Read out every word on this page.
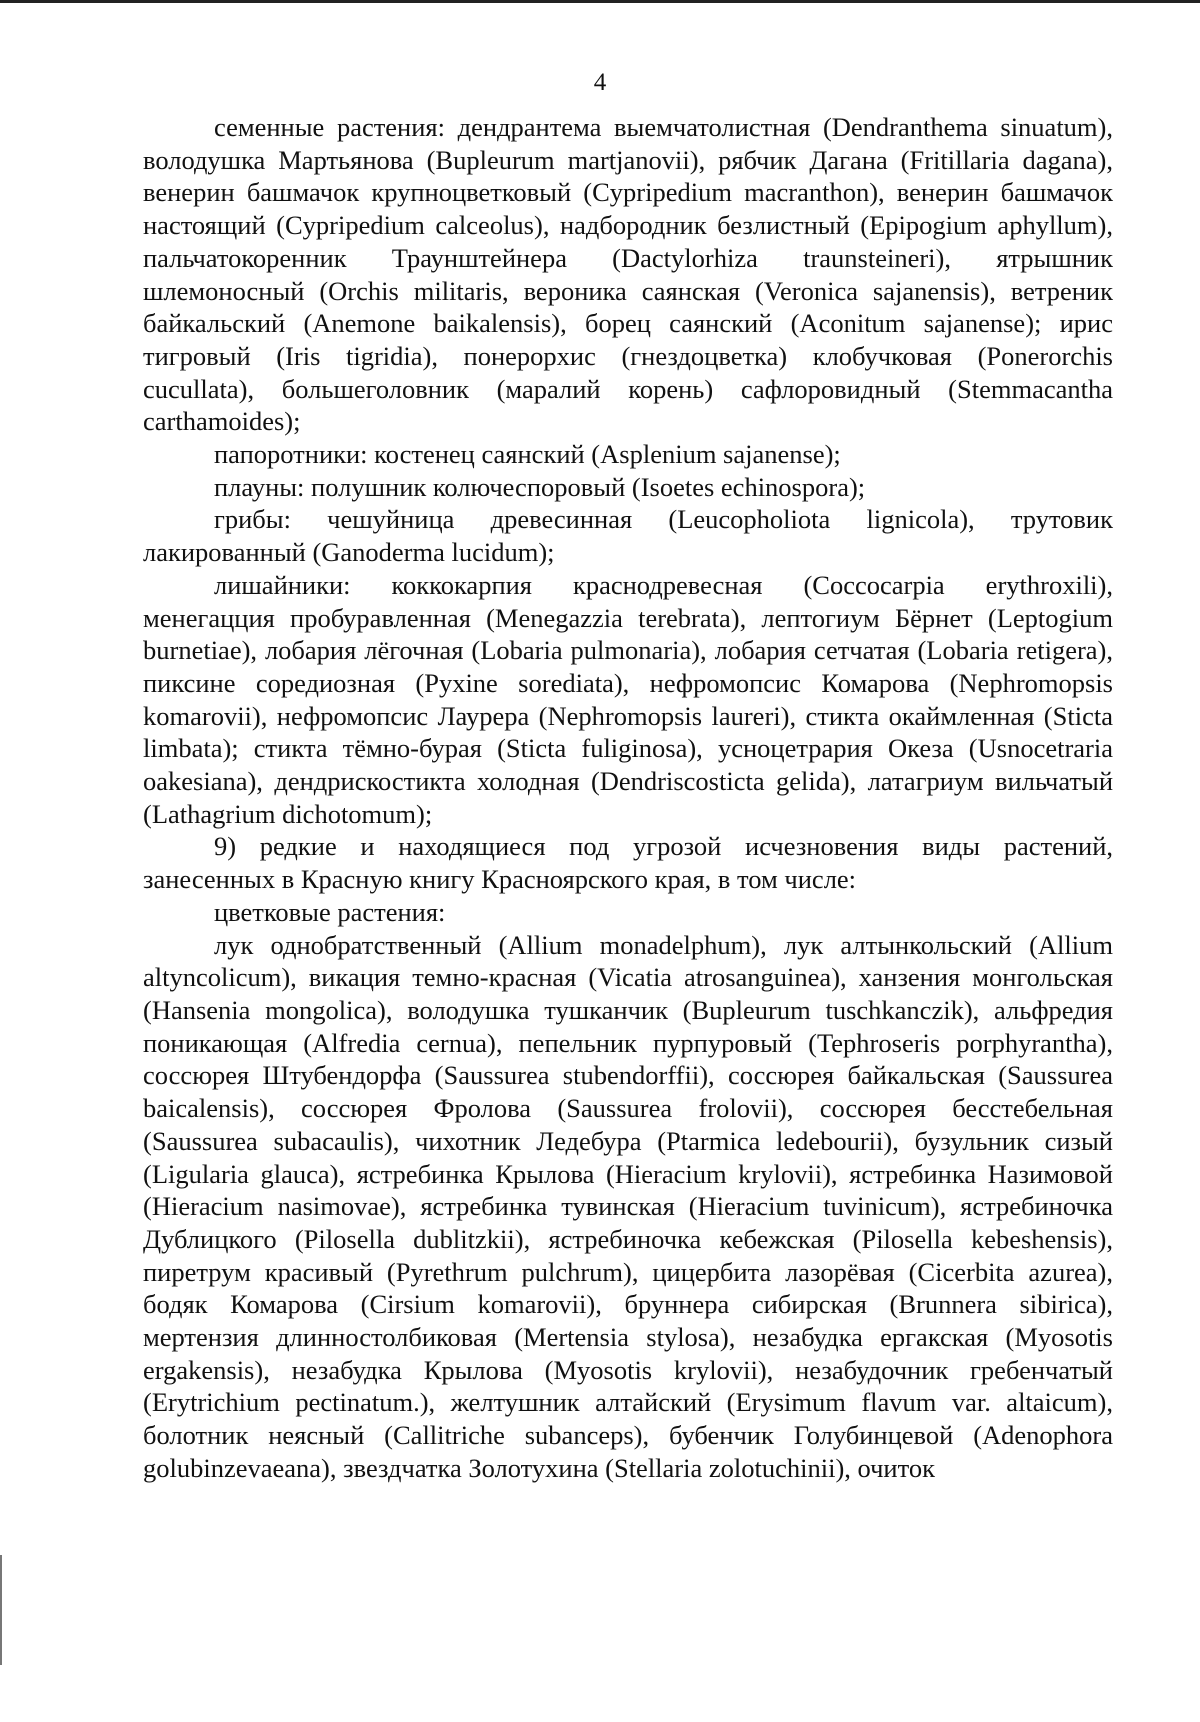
4

семенные растения: дендрантема выемчатолистная (Dendranthema sinuatum), володушка Мартьянова (Bupleurum martjanovii), рябчик Дагана (Fritillaria dagana), венерин башмачок крупноцветковый (Cypripedium macranthon), венерин башмачок настоящий (Cypripedium calceolus), надбородник безлистный (Epipogium aphyllum), пальчатокоренник Траунштейнера (Dactylorhiza traunsteineri), ятрышник шлемоносный (Orchis militaris, вероника саянская (Veronica sajanensis), ветреник байкальский (Anemone baikalensis), борец саянский (Aconitum sajanense); ирис тигровый (Iris tigridia), понерорхис (гнездоцветка) клобучковая (Ponerorchis cucullata), большеголовник (маралий корень) сафлоровидный (Stemmacantha carthamoides);

папоротники: костенец саянский (Asplenium sajanense);

плауны: полушник колючеспоровый (Isoetes echinospora);

грибы: чешуйница древесинная (Leucopholiota lignicola), трутовик лакированный (Ganoderma lucidum);

лишайники: коккокарпия краснодревесная (Coccocarpia erythroxili), менегацция пробуравленная (Menegazzia terebrata), лептогиум Бёрнет (Leptogium burnetiae), лобария лёгочная (Lobaria pulmonaria), лобария сетчатая (Lobaria retigera), пиксине соредиозная (Pyxine sorediata), нефромопсис Комарова (Nephromopsis komarovii), нефромопсис Лаурера (Nephromopsis laureri), стикта окаймленная (Sticta limbata); стикта тёмно-бурая (Sticta fuliginosa), усноцетрария Океза (Usnocetraria oakesiana), дендрискостикта холодная (Dendriscosticta gelida), латагриум вильчатый (Lathagrium dichotomum);

9) редкие и находящиеся под угрозой исчезновения виды растений, занесенных в Красную книгу Красноярского края, в том числе:

цветковые растения:

лук однобратственный (Allium monadelphum), лук алтынкольский (Allium altyncolicum), викация темно-красная (Vicatia atrosanguinea), ханзения монгольская (Hansenia mongolica), володушка тушканчик (Bupleurum tuschkanczik), альфредия поникающая (Alfredia cernua), пепельник пурпуровый (Tephroseris porphyrantha), соссюрея Штубендорфа (Saussurea stubendorffii), соссюрея байкальская (Saussurea baicalensis), соссюрея Фролова (Saussurea frolovii), соссюрея бесстебельная (Saussurea subacaulis), чихотник Ледебура (Ptarmica ledebourii), бузульник сизый (Ligularia glauca), ястребинка Крылова (Hieracium krylovii), ястребинка Назимовой (Hieracium nasimovae), ястребинка тувинская (Hieracium tuvinicum), ястребиночка Дублицкого (Pilosella dublitzkii), ястребиночка кебежская (Pilosella kebeshensis), пиретрум красивый (Pyrethrum pulchrum), цицербита лазорёвая (Cicerbita azurea), бодяк Комарова (Cirsium komarovii), бруннера сибирская (Brunnera sibirica), мертензия длинностолбиковая (Mertensia stylosa), незабудка ергакская (Myosotis ergakensis), незабудка Крылова (Myosotis krylovii), незабудочник гребенчатый (Erytrichium pectinatum.), желтушник алтайский (Erysimum flavum var. altaicum), болотник неясный (Callitriche subanceps), бубенчик Голубинцевой (Adenophora golubinzevaeana), звездчатка Золотухина (Stellaria zolotuchinii), очиток
